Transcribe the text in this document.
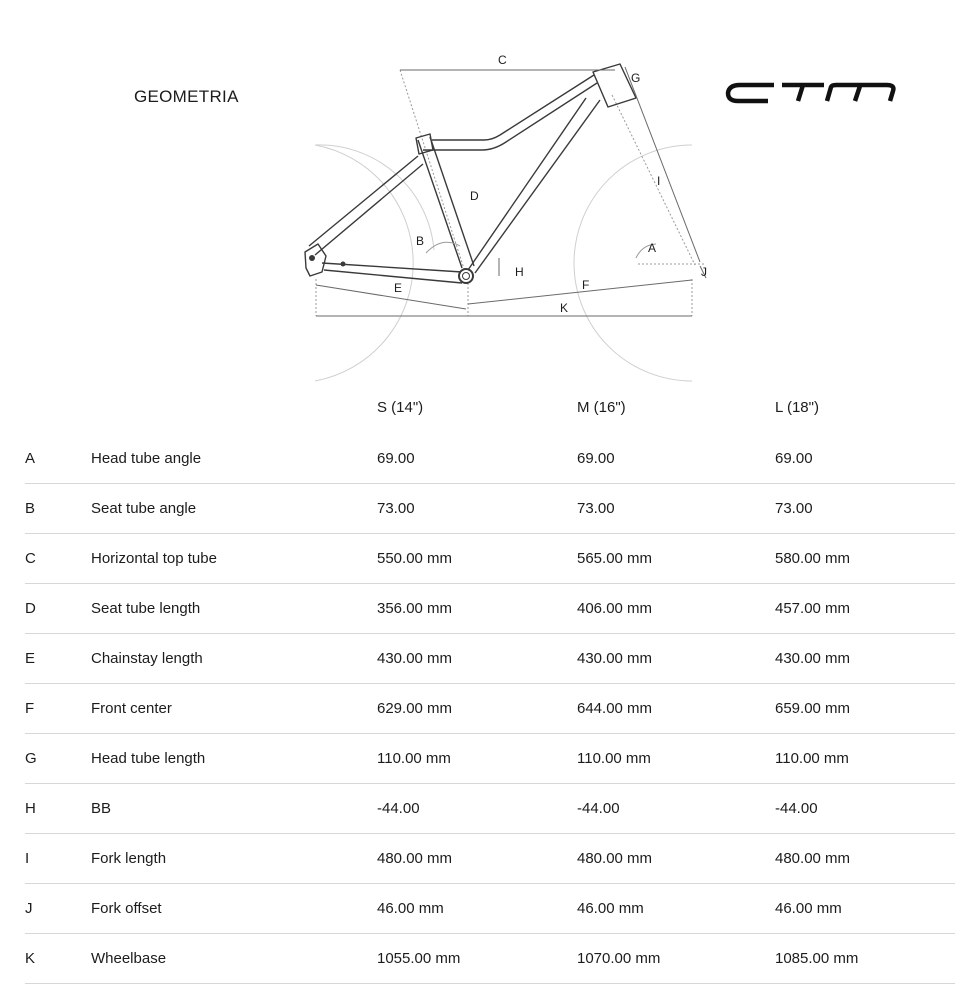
GEOMETRIA
C
G
I
D
B	A
H	J
E	F
K
S (14")	M (16")	L (18")
A	Head tube angle	69.00	69.00	69.00
B	Seat tube angle	73.00	73.00	73.00
C	Horizontal top tube	550.00 mm	565.00 mm	580.00 mm
D	Seat tube length	356.00 mm	406.00 mm	457.00 mm
E	Chainstay length	430.00 mm	430.00 mm	430.00 mm
F	Front center	629.00 mm	644.00 mm	659.00 mm
G	Head tube length	110.00 mm	110.00 mm	110.00 mm
H	BB	-44.00	-44.00	-44.00
I	Fork length	480.00 mm	480.00 mm	480.00 mm
J	Fork offset	46.00 mm	46.00 mm	46.00 mm
K	Wheelbase	1055.00 mm	1070.00 mm	1085.00 mm
